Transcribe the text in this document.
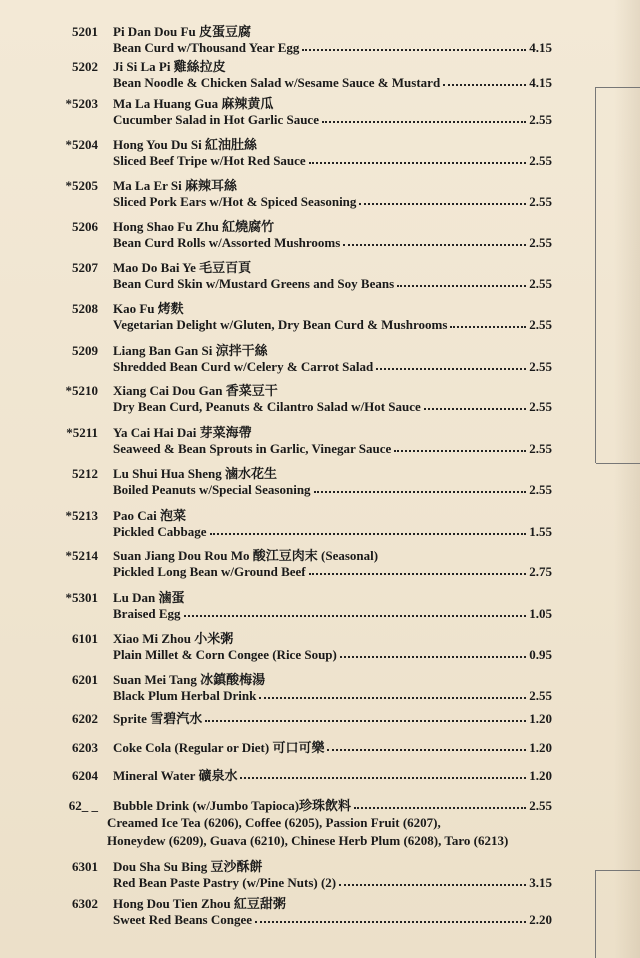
5201 Pi Dan Dou Fu 皮蛋豆腐
Bean Curd w/Thousand Year Egg	4.15
5202 Ji Si La Pi 雞絲拉皮
Bean Noodle & Chicken Salad w/Sesame Sauce & Mustard	4.15
*5203 Ma La Huang Gua 麻辣黄瓜
Cucumber Salad in Hot Garlic Sauce	2.55
*5204 Hong You Du Si 紅油肚絲
Sliced Beef Tripe w/Hot Red Sauce	2.55
*5205 Ma La Er Si 麻辣耳絲
Sliced Pork Ears w/Hot & Spiced Seasoning	2.55
5206 Hong Shao Fu Zhu 紅燒腐竹
Bean Curd Rolls w/Assorted Mushrooms	2.55
5207 Mao Do Bai Ye 毛豆百頁
Bean Curd Skin w/Mustard Greens and Soy Beans	2.55
5208 Kao Fu 烤麩
Vegetarian Delight w/Gluten, Dry Bean Curd & Mushrooms	2.55
5209 Liang Ban Gan Si 涼拌干絲
Shredded Bean Curd w/Celery & Carrot Salad	2.55
*5210 Xiang Cai Dou Gan 香菜豆干
Dry Bean Curd, Peanuts & Cilantro Salad w/Hot Sauce	2.55
*5211 Ya Cai Hai Dai 芽菜海帶
Seaweed & Bean Sprouts in Garlic, Vinegar Sauce	2.55
5212 Lu Shui Hua Sheng 滷水花生
Boiled Peanuts w/Special Seasoning	2.55
*5213 Pao Cai 泡菜
Pickled Cabbage	1.55
*5214 Suan Jiang Dou Rou Mo 酸江豆肉末 (Seasonal)
Pickled Long Bean w/Ground Beef	2.75
*5301 Lu Dan 滷蛋
Braised Egg	1.05
6101 Xiao Mi Zhou 小米粥
Plain Millet & Corn Congee (Rice Soup)	0.95
6201 Suan Mei Tang 冰鎮酸梅湯
Black Plum Herbal Drink	2.55
6202 Sprite 雪碧汽水	1.20
6203 Coke Cola (Regular or Diet) 可口可樂	1.20
6204 Mineral Water 礦泉水	1.20
62_ _ Bubble Drink (w/Jumbo Tapioca)珍珠飲料	2.55
Creamed Ice Tea (6206), Coffee (6205), Passion Fruit (6207),
Honeydew (6209), Guava (6210), Chinese Herb Plum (6208), Taro (6213)
6301 Dou Sha Su Bing 豆沙酥餅
Red Bean Paste Pastry (w/Pine Nuts) (2)	3.15
6302 Hong Dou Tien Zhou 紅豆甜粥
Sweet Red Beans Congee	2.20
